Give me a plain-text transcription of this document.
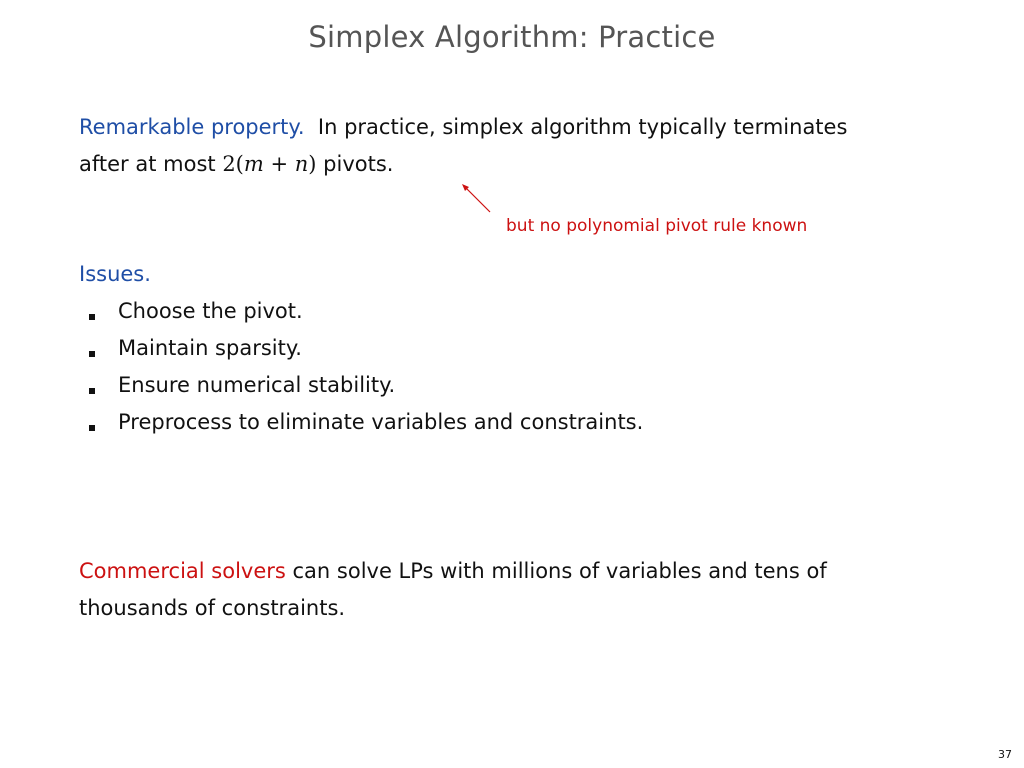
Simplex Algorithm: Practice
Remarkable property. In practice, simplex algorithm typically terminates
after at most 2(m + n) pivots.
but no polynomial pivot rule known
Issues.
Choose the pivot.
Maintain sparsity.
Ensure numerical stability.
Preprocess to eliminate variables and constraints.
Commercial solvers can solve LPs with millions of variables and tens of
thousands of constraints.
37
